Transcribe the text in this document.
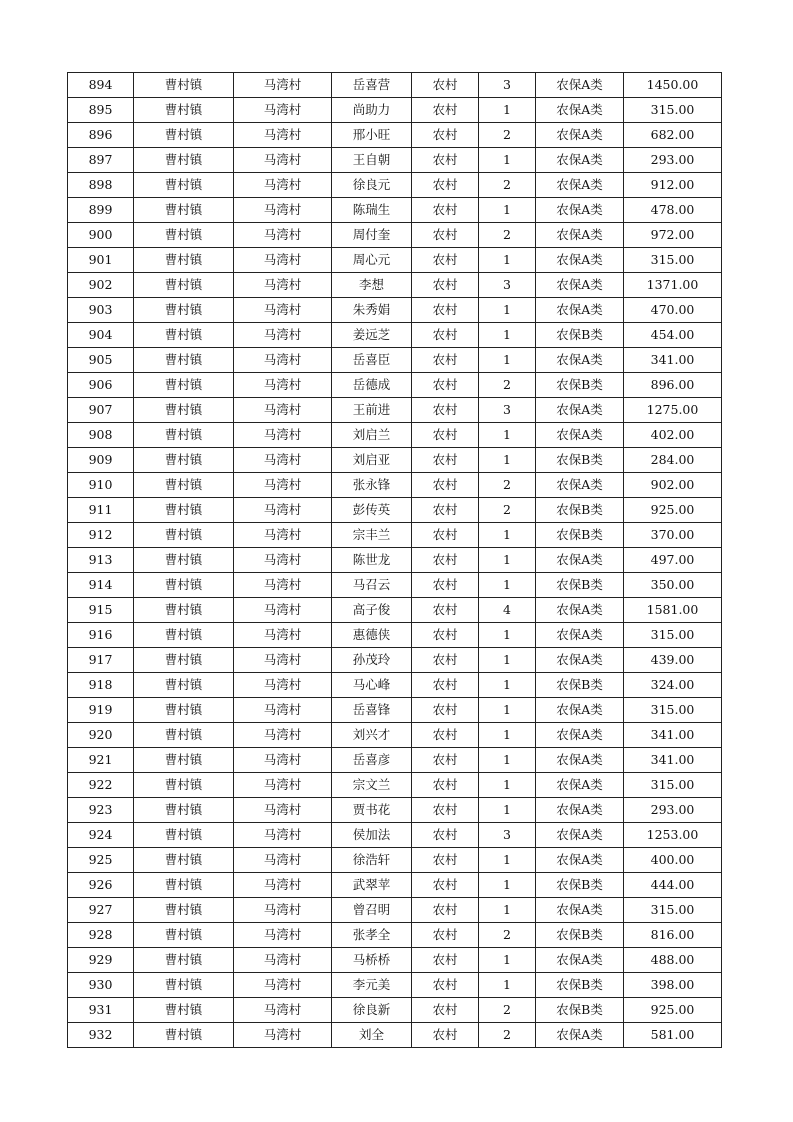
894	曹村镇	马湾村	岳喜营	农村	3	农保A类	1450.00
895	曹村镇	马湾村	尚助力	农村	1	农保A类	315.00
896	曹村镇	马湾村	邢小旺	农村	2	农保A类	682.00
897	曹村镇	马湾村	王自朝	农村	1	农保A类	293.00
898	曹村镇	马湾村	徐良元	农村	2	农保A类	912.00
899	曹村镇	马湾村	陈瑞生	农村	1	农保A类	478.00
900	曹村镇	马湾村	周付奎	农村	2	农保A类	972.00
901	曹村镇	马湾村	周心元	农村	1	农保A类	315.00
902	曹村镇	马湾村	李想	农村	3	农保A类	1371.00
903	曹村镇	马湾村	朱秀娟	农村	1	农保A类	470.00
904	曹村镇	马湾村	姜远芝	农村	1	农保B类	454.00
905	曹村镇	马湾村	岳喜臣	农村	1	农保A类	341.00
906	曹村镇	马湾村	岳德成	农村	2	农保B类	896.00
907	曹村镇	马湾村	王前进	农村	3	农保A类	1275.00
908	曹村镇	马湾村	刘启兰	农村	1	农保A类	402.00
909	曹村镇	马湾村	刘启亚	农村	1	农保B类	284.00
910	曹村镇	马湾村	张永锋	农村	2	农保A类	902.00
911	曹村镇	马湾村	彭传英	农村	2	农保B类	925.00
912	曹村镇	马湾村	宗丰兰	农村	1	农保B类	370.00
913	曹村镇	马湾村	陈世龙	农村	1	农保A类	497.00
914	曹村镇	马湾村	马召云	农村	1	农保B类	350.00
915	曹村镇	马湾村	高子俊	农村	4	农保A类	1581.00
916	曹村镇	马湾村	惠德侠	农村	1	农保A类	315.00
917	曹村镇	马湾村	孙茂玲	农村	1	农保A类	439.00
918	曹村镇	马湾村	马心峰	农村	1	农保B类	324.00
919	曹村镇	马湾村	岳喜锋	农村	1	农保A类	315.00
920	曹村镇	马湾村	刘兴才	农村	1	农保A类	341.00
921	曹村镇	马湾村	岳喜彦	农村	1	农保A类	341.00
922	曹村镇	马湾村	宗文兰	农村	1	农保A类	315.00
923	曹村镇	马湾村	贾书花	农村	1	农保A类	293.00
924	曹村镇	马湾村	侯加法	农村	3	农保A类	1253.00
925	曹村镇	马湾村	徐浩轩	农村	1	农保A类	400.00
926	曹村镇	马湾村	武翠苹	农村	1	农保B类	444.00
927	曹村镇	马湾村	曾召明	农村	1	农保A类	315.00
928	曹村镇	马湾村	张孝全	农村	2	农保B类	816.00
929	曹村镇	马湾村	马桥桥	农村	1	农保A类	488.00
930	曹村镇	马湾村	李元美	农村	1	农保B类	398.00
931	曹村镇	马湾村	徐良新	农村	2	农保B类	925.00
932	曹村镇	马湾村	刘全	农村	2	农保A类	581.00
